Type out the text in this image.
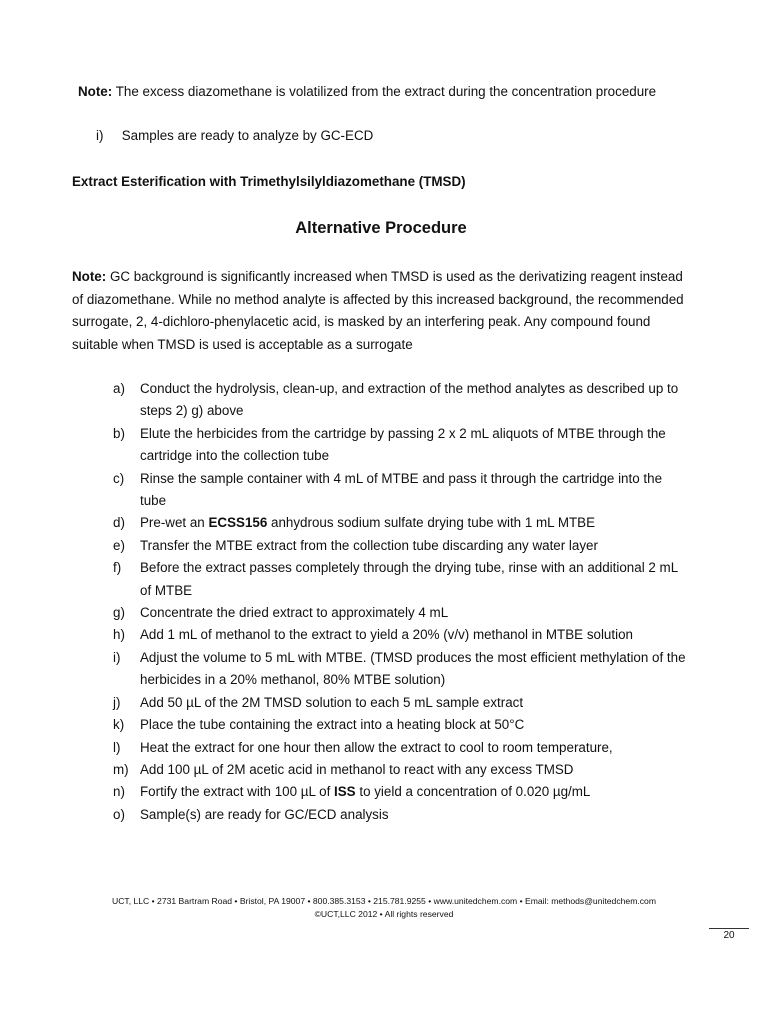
Note: The excess diazomethane is volatilized from the extract during the concentration procedure
i) Samples are ready to analyze by GC-ECD
Extract Esterification with Trimethylsilyldiazomethane (TMSD)
Alternative Procedure
Note: GC background is significantly increased when TMSD is used as the derivatizing reagent instead of diazomethane. While no method analyte is affected by this increased background, the recommended surrogate, 2, 4-dichloro-phenylacetic acid, is masked by an interfering peak. Any compound found suitable when TMSD is used is acceptable as a surrogate
a)	Conduct the hydrolysis, clean-up, and extraction of the method analytes as described up to steps 2) g) above
b)	Elute the herbicides from the cartridge by passing 2 x 2 mL aliquots of MTBE through the cartridge into the collection tube
c)	Rinse the sample container with 4 mL of MTBE and pass it through the cartridge into the tube
d)	Pre-wet an ECSS156 anhydrous sodium sulfate drying tube with 1 mL MTBE
e)	Transfer the MTBE extract from the collection tube discarding any water layer
f)	Before the extract passes completely through the drying tube, rinse with an additional 2 mL of MTBE
g)	Concentrate the dried extract to approximately 4 mL
h)	Add 1 mL of methanol to the extract to yield a 20% (v/v) methanol in MTBE solution
i)	Adjust the volume to 5 mL with MTBE. (TMSD produces the most efficient methylation of the herbicides in a 20% methanol, 80% MTBE solution)
j)	Add 50 µL of the 2M TMSD solution to each 5 mL sample extract
k)	Place the tube containing the extract into a heating block at 50°C
l)	Heat the extract for one hour then allow the extract to cool to room temperature,
m) Add 100 µL of 2M acetic acid in methanol to react with any excess TMSD
n)	Fortify the extract with 100 µL of ISS to yield a concentration of 0.020 µg/mL
o)	Sample(s) are ready for GC/ECD analysis
UCT, LLC • 2731 Bartram Road • Bristol, PA 19007 • 800.385.3153 • 215.781.9255 • www.unitedchem.com • Email: methods@unitedchem.com
©UCT,LLC 2012 • All rights reserved
20
